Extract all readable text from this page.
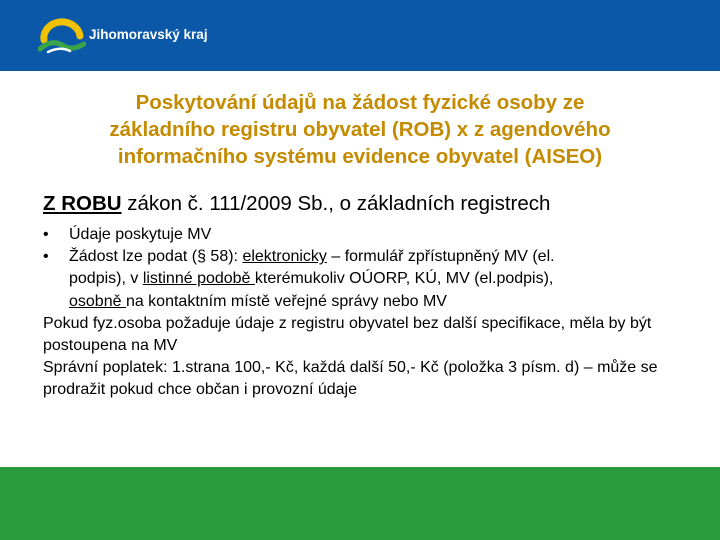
Jihomoravský kraj
Poskytování údajů na žádost fyzické osoby ze
základního registru obyvatel (ROB) x z agendového
informačního systému evidence obyvatel (AISEO)
Z ROBU zákon č. 111/2009 Sb., o základních registrech
• Údaje poskytuje MV
• Žádost lze podat (§ 58): elektronicky – formulář zpřístupněný MV (el.
podpis), v listinné podobě kterémukoliv OÚORP, KÚ, MV (el.podpis),
osobně na kontaktním místě veřejné správy nebo MV
Pokud fyz.osoba požaduje údaje z registru obyvatel bez další specifikace, měla by být postoupena na MV
Správní poplatek: 1.strana 100,- Kč, každá další 50,- Kč (položka 3 písm. d) – může se prodražit pokud chce občan i provozní údaje
